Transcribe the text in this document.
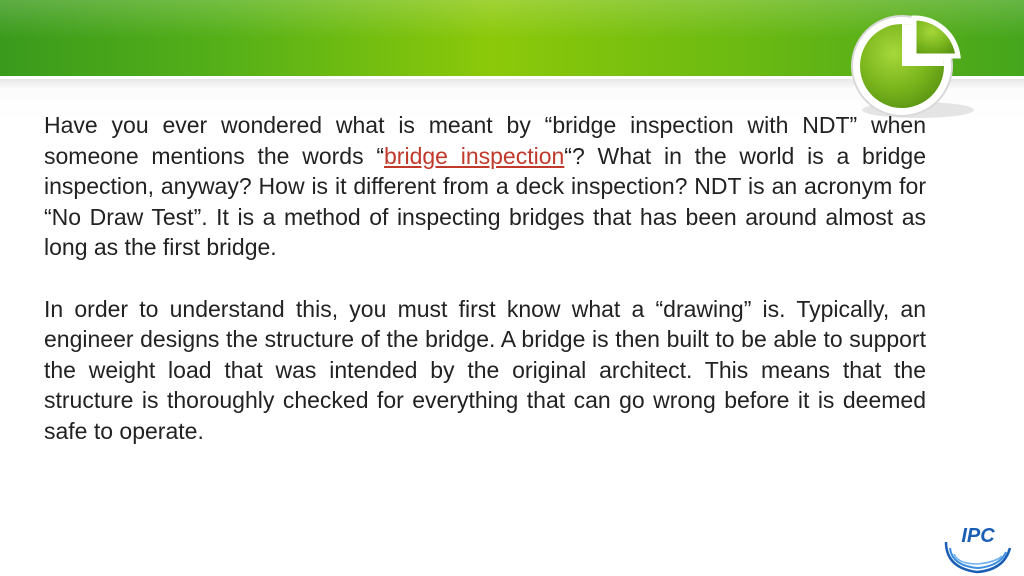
Have you ever wondered what is meant by “bridge inspection with NDT” when someone mentions the words “bridge inspection“? What in the world is a bridge inspection, anyway? How is it different from a deck inspection? NDT is an acronym for “No Draw Test”. It is a method of inspecting bridges that has been around almost as long as the first bridge.

In order to understand this, you must first know what a “drawing” is. Typically, an engineer designs the structure of the bridge. A bridge is then built to be able to support the weight load that was intended by the original architect. This means that the structure is thoroughly checked for everything that can go wrong before it is deemed safe to operate.

IPC
